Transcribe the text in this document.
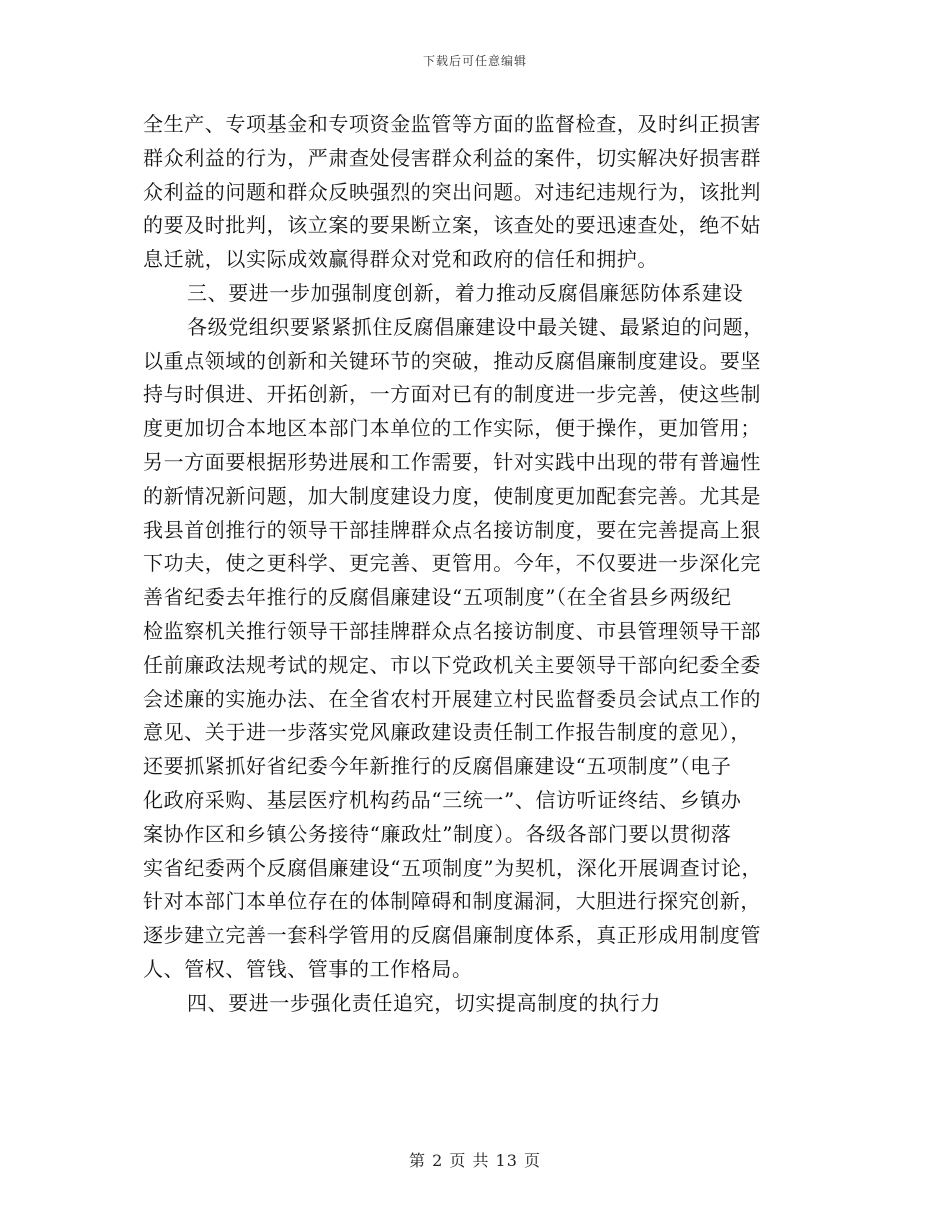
下载后可任意编辑
全生产、专项基金和专项资金监管等方面的监督检查，及时纠正损害
群众利益的行为，严肃查处侵害群众利益的案件，切实解决好损害群
众利益的问题和群众反映强烈的突出问题。对违纪违规行为，该批判
的要及时批判，该立案的要果断立案，该查处的要迅速查处，绝不姑
息迁就，以实际成效赢得群众对党和政府的信任和拥护。
三、要进一步加强制度创新，着力推动反腐倡廉惩防体系建设
各级党组织要紧紧抓住反腐倡廉建设中最关键、最紧迫的问题，
以重点领域的创新和关键环节的突破，推动反腐倡廉制度建设。要坚
持与时俱进、开拓创新，一方面对已有的制度进一步完善，使这些制
度更加切合本地区本部门本单位的工作实际，便于操作，更加管用；
另一方面要根据形势进展和工作需要，针对实践中出现的带有普遍性
的新情况新问题，加大制度建设力度，使制度更加配套完善。尤其是
我县首创推行的领导干部挂牌群众点名接访制度，要在完善提高上狠
下功夫，使之更科学、更完善、更管用。今年，不仅要进一步深化完
善省纪委去年推行的反腐倡廉建设“五项制度”（在全省县乡两级纪
检监察机关推行领导干部挂牌群众点名接访制度、市县管理领导干部
任前廉政法规考试的规定、市以下党政机关主要领导干部向纪委全委
会述廉的实施办法、在全省农村开展建立村民监督委员会试点工作的
意见、关于进一步落实党风廉政建设责任制工作报告制度的意见），
还要抓紧抓好省纪委今年新推行的反腐倡廉建设“五项制度”（电子
化政府采购、基层医疗机构药品“三统一”、信访听证终结、乡镇办
案协作区和乡镇公务接待“廉政灶”制度）。各级各部门要以贯彻落
实省纪委两个反腐倡廉建设“五项制度”为契机，深化开展调查讨论，
针对本部门本单位存在的体制障碍和制度漏洞，大胆进行探究创新，
逐步建立完善一套科学管用的反腐倡廉制度体系，真正形成用制度管
人、管权、管钱、管事的工作格局。
四、要进一步强化责任追究，切实提高制度的执行力
第 2 页 共 13 页
